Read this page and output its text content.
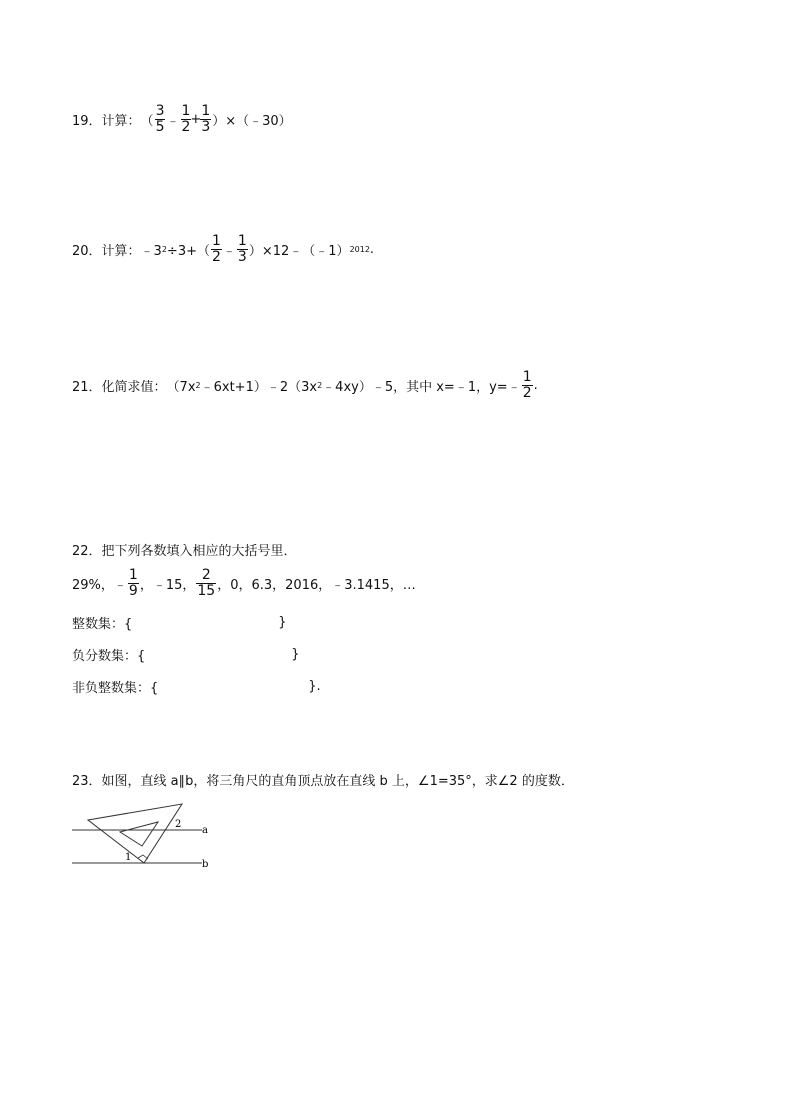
19．计算： （ $\frac{3}{5}$ ﹣ $\frac{1}{2} + \frac{1}{3}$ ）×（﹣30）
20．计算： ﹣3 $2 \div 3+( \frac{1}{2}$ ﹣ $\frac{1}{3}$ ）×12﹣（﹣1） 2012 .
21．化简求值： （7x 2 ﹣6xt+1）﹣2（3x 2 ﹣4xy）﹣5，其中 x=﹣1，y=﹣ $\frac{1}{2}$ .
22．把下列各数填入相应的大括号里．
29%，﹣ $\frac{1}{9}$ ，﹣15， $\frac{2}{15}$ ，0，6.3，2016，﹣3.1415，…
整数集：{	}
负分数集：{	}
非负整数集：{	}.
23．如图，直线 a∥b，将三角尺的直角顶点放在直线 b 上，∠1=35°，求∠2 的度数．
a
b
1
2
